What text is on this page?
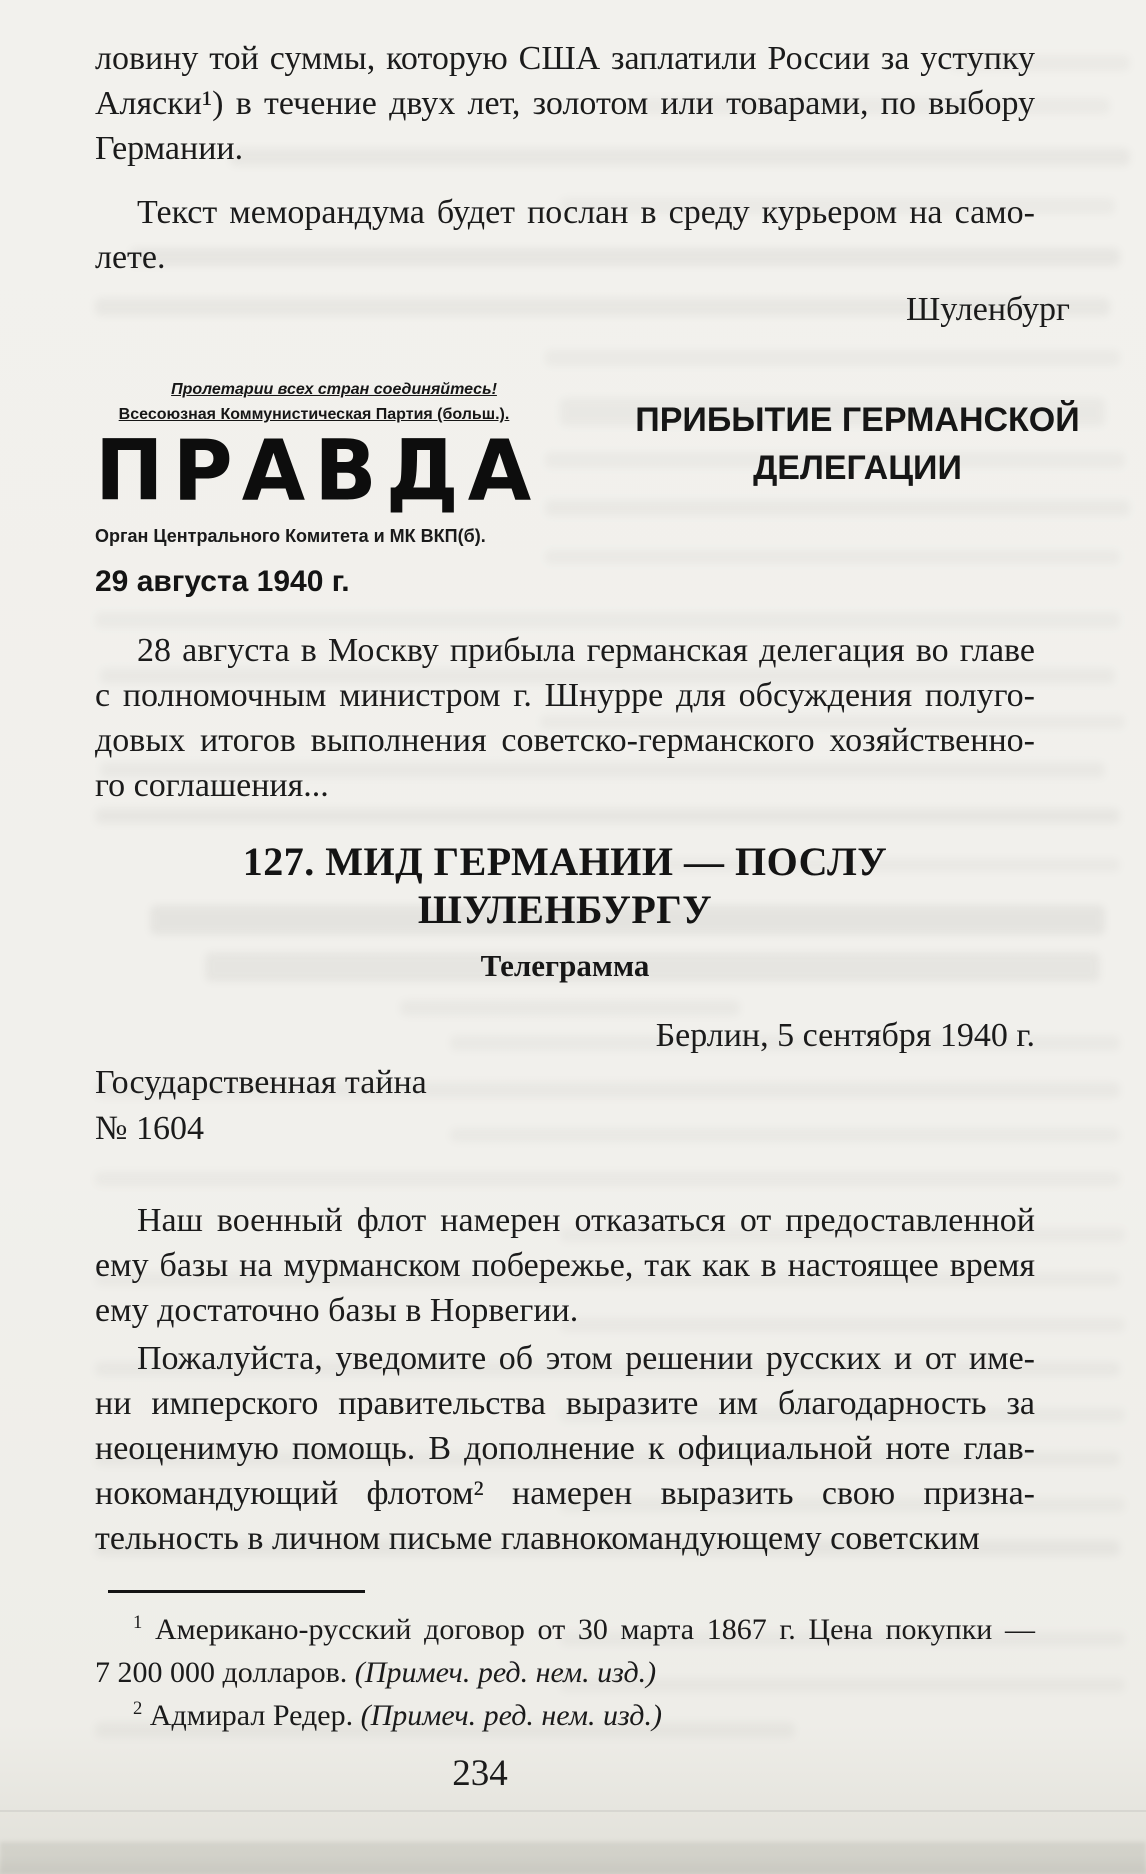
ловину той суммы, которую США заплатили России за уступку
Аляски¹) в течение двух лет, золотом или товарами, по выбору
Германии.
Текст меморандума будет послан в среду курьером на само-
лете.
Шуленбург
Пролетарии всех стран соединяйтесь!
Всесоюзная Коммунистическая Партия (больш.).
ПРАВДА
Орган Центрального Комитета и МК ВКП(б).
29 августа 1940 г.
ПРИБЫТИЕ ГЕРМАНСКОЙ
ДЕЛЕГАЦИИ
28 августа в Москву прибыла германская делегация во главе
с полномочным министром г. Шнурре для обсуждения полуго-
довых итогов выполнения советско-германского хозяйственно-
го соглашения...
127. МИД ГЕРМАНИИ — ПОСЛУ
ШУЛЕНБУРГУ
Телеграмма
Берлин, 5 сентября 1940 г.
Государственная тайна
№ 1604
Наш военный флот намерен отказаться от предоставленной
ему базы на мурманском побережье, так как в настоящее время
ему достаточно базы в Норвегии.
Пожалуйста, уведомите об этом решении русских и от име-
ни имперского правительства выразите им благодарность за
неоценимую помощь. В дополнение к официальной ноте глав-
нокомандующий флотом² намерен выразить свою призна-
тельность в личном письме главнокомандующему советским
$^1$ Американо-русский договор от 30 марта 1867 г. Цена покупки —
7 200 000 долларов. (Примеч. ред. нем. изд.)
$^2$ Адмирал Редер. (Примеч. ред. нем. изд.)
234
